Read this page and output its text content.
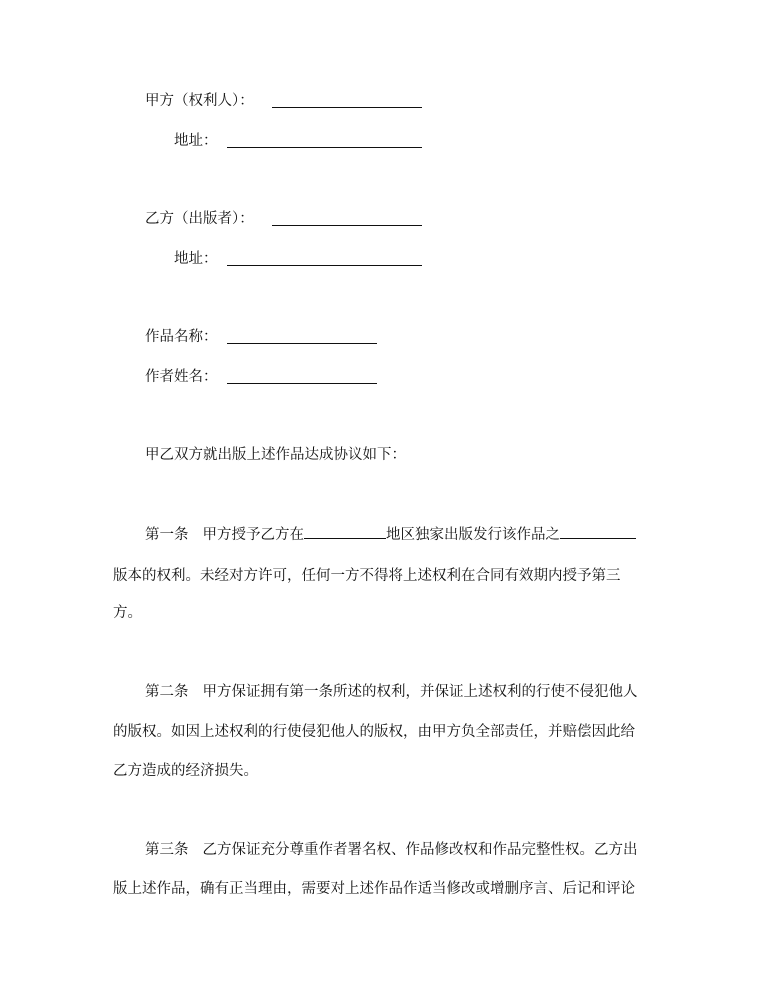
甲方（权利人）：
地址：
乙方（出版者）：
地址：
作品名称：
作者姓名：
甲乙双方就出版上述作品达成协议如下：
第一条 甲方授予乙方在	地区独家出版发行该作品之
版本的权利。未经对方许可，任何一方不得将上述权利在合同有效期内授予第三
方。
第二条 甲方保证拥有第一条所述的权利，并保证上述权利的行使不侵犯他人
的版权。如因上述权利的行使侵犯他人的版权，由甲方负全部责任，并赔偿因此给
乙方造成的经济损失。
第三条 乙方保证充分尊重作者署名权、作品修改权和作品完整性权。乙方出
版上述作品，确有正当理由，需要对上述作品作适当修改或增删序言、后记和评论
